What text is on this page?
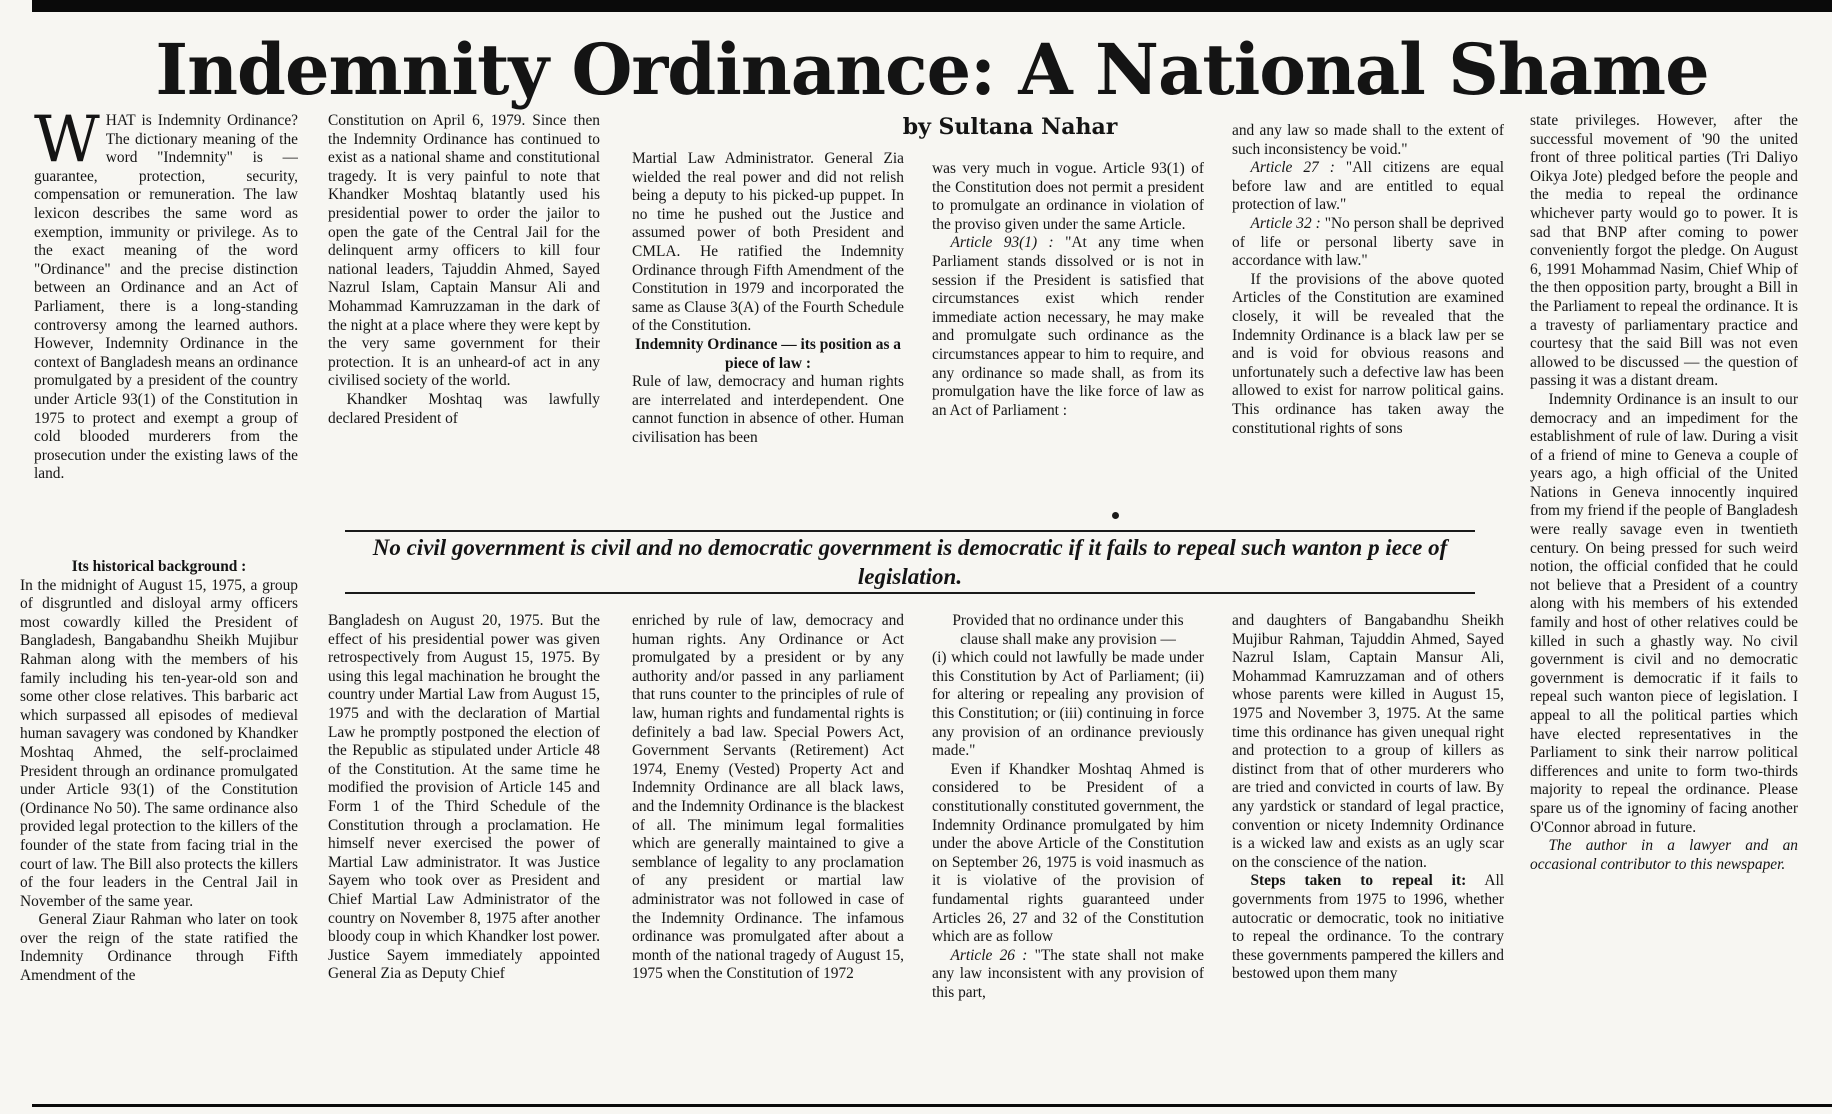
Indemnity Ordinance: A National Shame
by Sultana Nahar

WHAT is Indemnity Ordinance? The dictionary meaning of the word "Indemnity" is — guarantee, protection, security, compensation or remuneration. The law lexicon describes the same word as exemption, immunity or privilege. As to the exact meaning of the word "Ordinance" and the precise distinction between an Ordinance and an Act of Parliament, there is a long-standing controversy among the learned authors. However, Indemnity Ordinance in the context of Bangladesh means an ordinance promulgated by a president of the country under Article 93(1) of the Constitution in 1975 to protect and exempt a group of cold blooded murderers from the prosecution under the existing laws of the land.

Its historical background :

In the midnight of August 15, 1975, a group of disgruntled and disloyal army officers most cowardly killed the President of Bangladesh, Bangabandhu Sheikh Mujibur Rahman along with the members of his family including his ten-year-old son and some other close relatives. This barbaric act which surpassed all episodes of medieval human savagery was condoned by Khandker Moshtaq Ahmed, the self-proclaimed President through an ordinance promulgated under Article 93(1) of the Constitution (Ordinance No 50). The same ordinance also provided legal protection to the killers of the founder of the state from facing trial in the court of law. The Bill also protects the killers of the four leaders in the Central Jail in November of the same year.

General Ziaur Rahman who later on took over the reign of the state ratified the Indemnity Ordinance through Fifth Amendment of the

Constitution on April 6, 1979. Since then the Indemnity Ordinance has continued to exist as a national shame and constitutional tragedy. It is very painful to note that Khandker Moshtaq blatantly used his presidential power to order the jailor to open the gate of the Central Jail for the delinquent army officers to kill four national leaders, Tajuddin Ahmed, Sayed Nazrul Islam, Captain Mansur Ali and Mohammad Kamruzzaman in the dark of the night at a place where they were kept by the very same government for their protection. It is an unheard-of act in any civilised society of the world.

Khandker Moshtaq was lawfully declared President of

Bangladesh on August 20, 1975. But the effect of his presidential power was given retrospectively from August 15, 1975. By using this legal machination he brought the country under Martial Law from August 15, 1975 and with the declaration of Martial Law he promptly postponed the election of the Republic as stipulated under Article 48 of the Constitution. At the same time he modified the provision of Article 145 and Form 1 of the Third Schedule of the Constitution through a proclamation. He himself never exercised the power of Martial Law administrator. It was Justice Sayem who took over as President and Chief Martial Law Administrator of the country on November 8, 1975 after another bloody coup in which Khandker lost power. Justice Sayem immediately appointed General Zia as Deputy Chief

Martial Law Administrator. General Zia wielded the real power and did not relish being a deputy to his picked-up puppet. In no time he pushed out the Justice and assumed power of both President and CMLA. He ratified the Indemnity Ordinance through Fifth Amendment of the Constitution in 1979 and incorporated the same as Clause 3(A) of the Fourth Schedule of the Constitution.

Indemnity Ordinance — its position as a piece of law :

Rule of law, democracy and human rights are interrelated and interdependent. One cannot function in absence of other. Human civilisation has been

enriched by rule of law, democracy and human rights. Any Ordinance or Act promulgated by a president or by any authority and/or passed in any parliament that runs counter to the principles of rule of law, human rights and fundamental rights is definitely a bad law. Special Powers Act, Government Servants (Retirement) Act 1974, Enemy (Vested) Property Act and Indemnity Ordinance are all black laws, and the Indemnity Ordinance is the blackest of all. The minimum legal formalities which are generally maintained to give a semblance of legality to any proclamation of any president or martial law administrator was not followed in case of the Indemnity Ordinance. The infamous ordinance was promulgated after about a month of the national tragedy of August 15, 1975 when the Constitution of 1972

was very much in vogue. Article 93(1) of the Constitution does not permit a president to promulgate an ordinance in violation of the proviso given under the same Article.

Article 93(1) : "At any time when Parliament stands dissolved or is not in session if the President is satisfied that circumstances exist which render immediate action necessary, he may make and promulgate such ordinance as the circumstances appear to him to require, and any ordinance so made shall, as from its promulgation have the like force of law as an Act of Parliament :

Provided that no ordinance under this clause shall make any provision —

(i) which could not lawfully be made under this Constitution by Act of Parliament; (ii) for altering or repealing any provision of this Constitution; or (iii) continuing in force any provision of an ordinance previously made."

Even if Khandker Moshtaq Ahmed is considered to be President of a constitutionally constituted government, the Indemnity Ordinance promulgated by him under the above Article of the Constitution on September 26, 1975 is void inasmuch as it is violative of the provision of fundamental rights guaranteed under Articles 26, 27 and 32 of the Constitution which are as follow

Article 26 : "The state shall not make any law inconsistent with any provision of this part,

and any law so made shall to the extent of such inconsistency be void."

Article 27 : "All citizens are equal before law and are entitled to equal protection of law."

Article 32 : "No person shall be deprived of life or personal liberty save in accordance with law."

If the provisions of the above quoted Articles of the Constitution are examined closely, it will be revealed that the Indemnity Ordinance is a black law per se and is void for obvious reasons and unfortunately such a defective law has been allowed to exist for narrow political gains. This ordinance has taken away the constitutional rights of sons

and daughters of Bangabandhu Sheikh Mujibur Rahman, Tajuddin Ahmed, Sayed Nazrul Islam, Captain Mansur Ali, Mohammad Kamruzzaman and of others whose parents were killed in August 15, 1975 and November 3, 1975. At the same time this ordinance has given unequal right and protection to a group of killers as distinct from that of other murderers who are tried and convicted in courts of law. By any yardstick or standard of legal practice, convention or nicety Indemnity Ordinance is a wicked law and exists as an ugly scar on the conscience of the nation.

Steps taken to repeal it: All governments from 1975 to 1996, whether autocratic or democratic, took no initiative to repeal the ordinance. To the contrary these governments pampered the killers and bestowed upon them many

state privileges. However, after the successful movement of '90 the united front of three political parties (Tri Daliyo Oikya Jote) pledged before the people and the media to repeal the ordinance whichever party would go to power. It is sad that BNP after coming to power conveniently forgot the pledge. On August 6, 1991 Mohammad Nasim, Chief Whip of the then opposition party, brought a Bill in the Parliament to repeal the ordinance. It is a travesty of parliamentary practice and courtesy that the said Bill was not even allowed to be discussed — the question of passing it was a distant dream.

Indemnity Ordinance is an insult to our democracy and an impediment for the establishment of rule of law. During a visit of a friend of mine to Geneva a couple of years ago, a high official of the United Nations in Geneva innocently inquired from my friend if the people of Bangladesh were really savage even in twentieth century. On being pressed for such weird notion, the official confided that he could not believe that a President of a country along with his members of his extended family and host of other relatives could be killed in such a ghastly way. No civil government is civil and no democratic government is democratic if it fails to repeal such wanton piece of legislation. I appeal to all the political parties which have elected representatives in the Parliament to sink their narrow political differences and unite to form two-thirds majority to repeal the ordinance. Please spare us of the ignominy of facing another O'Connor abroad in future.

The author in a lawyer and an occasional contributor to this newspaper.

No civil government is civil and no democratic government is democratic if it fails to repeal such wanton p iece of legislation.
